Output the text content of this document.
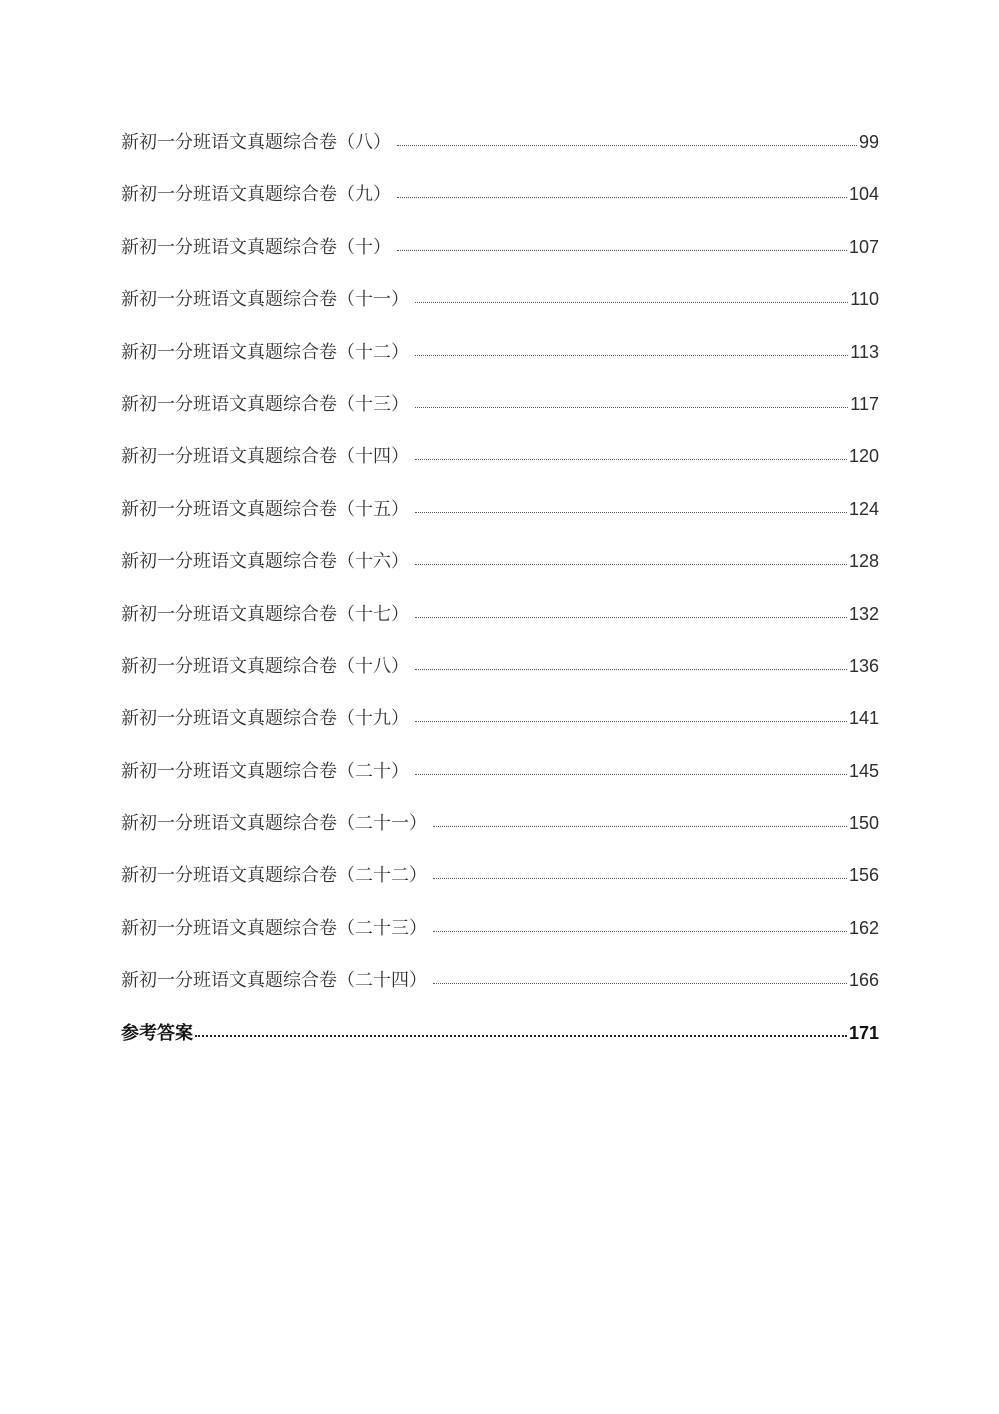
新初一分班语文真题综合卷（八）	99
新初一分班语文真题综合卷（九）	104
新初一分班语文真题综合卷（十）	107
新初一分班语文真题综合卷（十一）	110
新初一分班语文真题综合卷（十二）	113
新初一分班语文真题综合卷（十三）	117
新初一分班语文真题综合卷（十四）	120
新初一分班语文真题综合卷（十五）	124
新初一分班语文真题综合卷（十六）	128
新初一分班语文真题综合卷（十七）	132
新初一分班语文真题综合卷（十八）	136
新初一分班语文真题综合卷（十九）	141
新初一分班语文真题综合卷（二十）	145
新初一分班语文真题综合卷（二十一）	150
新初一分班语文真题综合卷（二十二）	156
新初一分班语文真题综合卷（二十三）	162
新初一分班语文真题综合卷（二十四）	166
参考答案	171
